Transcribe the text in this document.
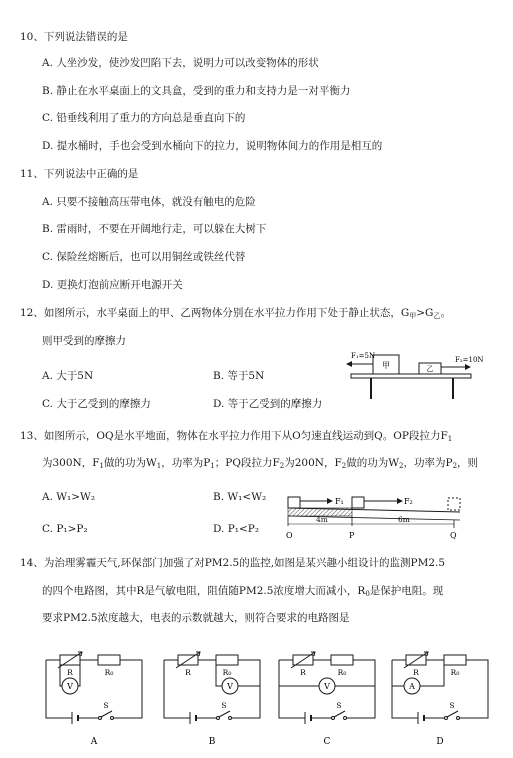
10、下列说法错误的是
A. 人坐沙发，使沙发凹陷下去，说明力可以改变物体的形状
B. 静止在水平桌面上的文具盒，受到的重力和支持力是一对平衡力
C. 铅垂线利用了重力的方向总是垂直向下的
D. 提水桶时，手也会受到水桶向下的拉力，说明物体间力的作用是相互的
11、下列说法中正确的是
A. 只要不接触高压带电体，就没有触电的危险
B. 雷雨时，不要在开阔地行走，可以躲在大树下
C. 保险丝熔断后，也可以用铜丝或铁丝代替
D. 更换灯泡前应断开电源开关
12、如图所示，水平桌面上的甲、乙两物体分别在水平拉力作用下处于静止状态，$G_甲>G_乙$。
则甲受到的摩擦力
A. 大于5N	B. 等于5N
C. 大于乙受到的摩擦力	D. 等于乙受到的摩擦力
甲	乙
F₁=5N	F₂=10N
13、如图所示，OQ是水平地面，物体在水平拉力作用下从O匀速直线运动到Q。OP段拉力$F_1$
为300N，$F_1$做的功为$W_1$，功率为$P_1$；PQ段拉力$F_2$为200N，$F_2$做的功为$W_2$，功率为$P_2$，则
A. W₁>W₂	B. W₁<W₂
C. P₁>P₂	D. P₁<P₂
F₁	F₂
4m	6m
O	P	Q
14、为治理雾霾天气,环保部门加强了对PM2.5的监控,如图是某兴趣小组设计的监测PM2.5
的四个电路图，其中R是气敏电阻，阻值随PM2.5浓度增大而减小，$R_0$是保护电阻。现
要求PM2.5浓度越大，电表的示数就越大，则符合要求的电路图是
V
R	R₀
S
A
V
R	R₀
S
B
V
R	R₀
S
C
A
R	R₀
S
D
